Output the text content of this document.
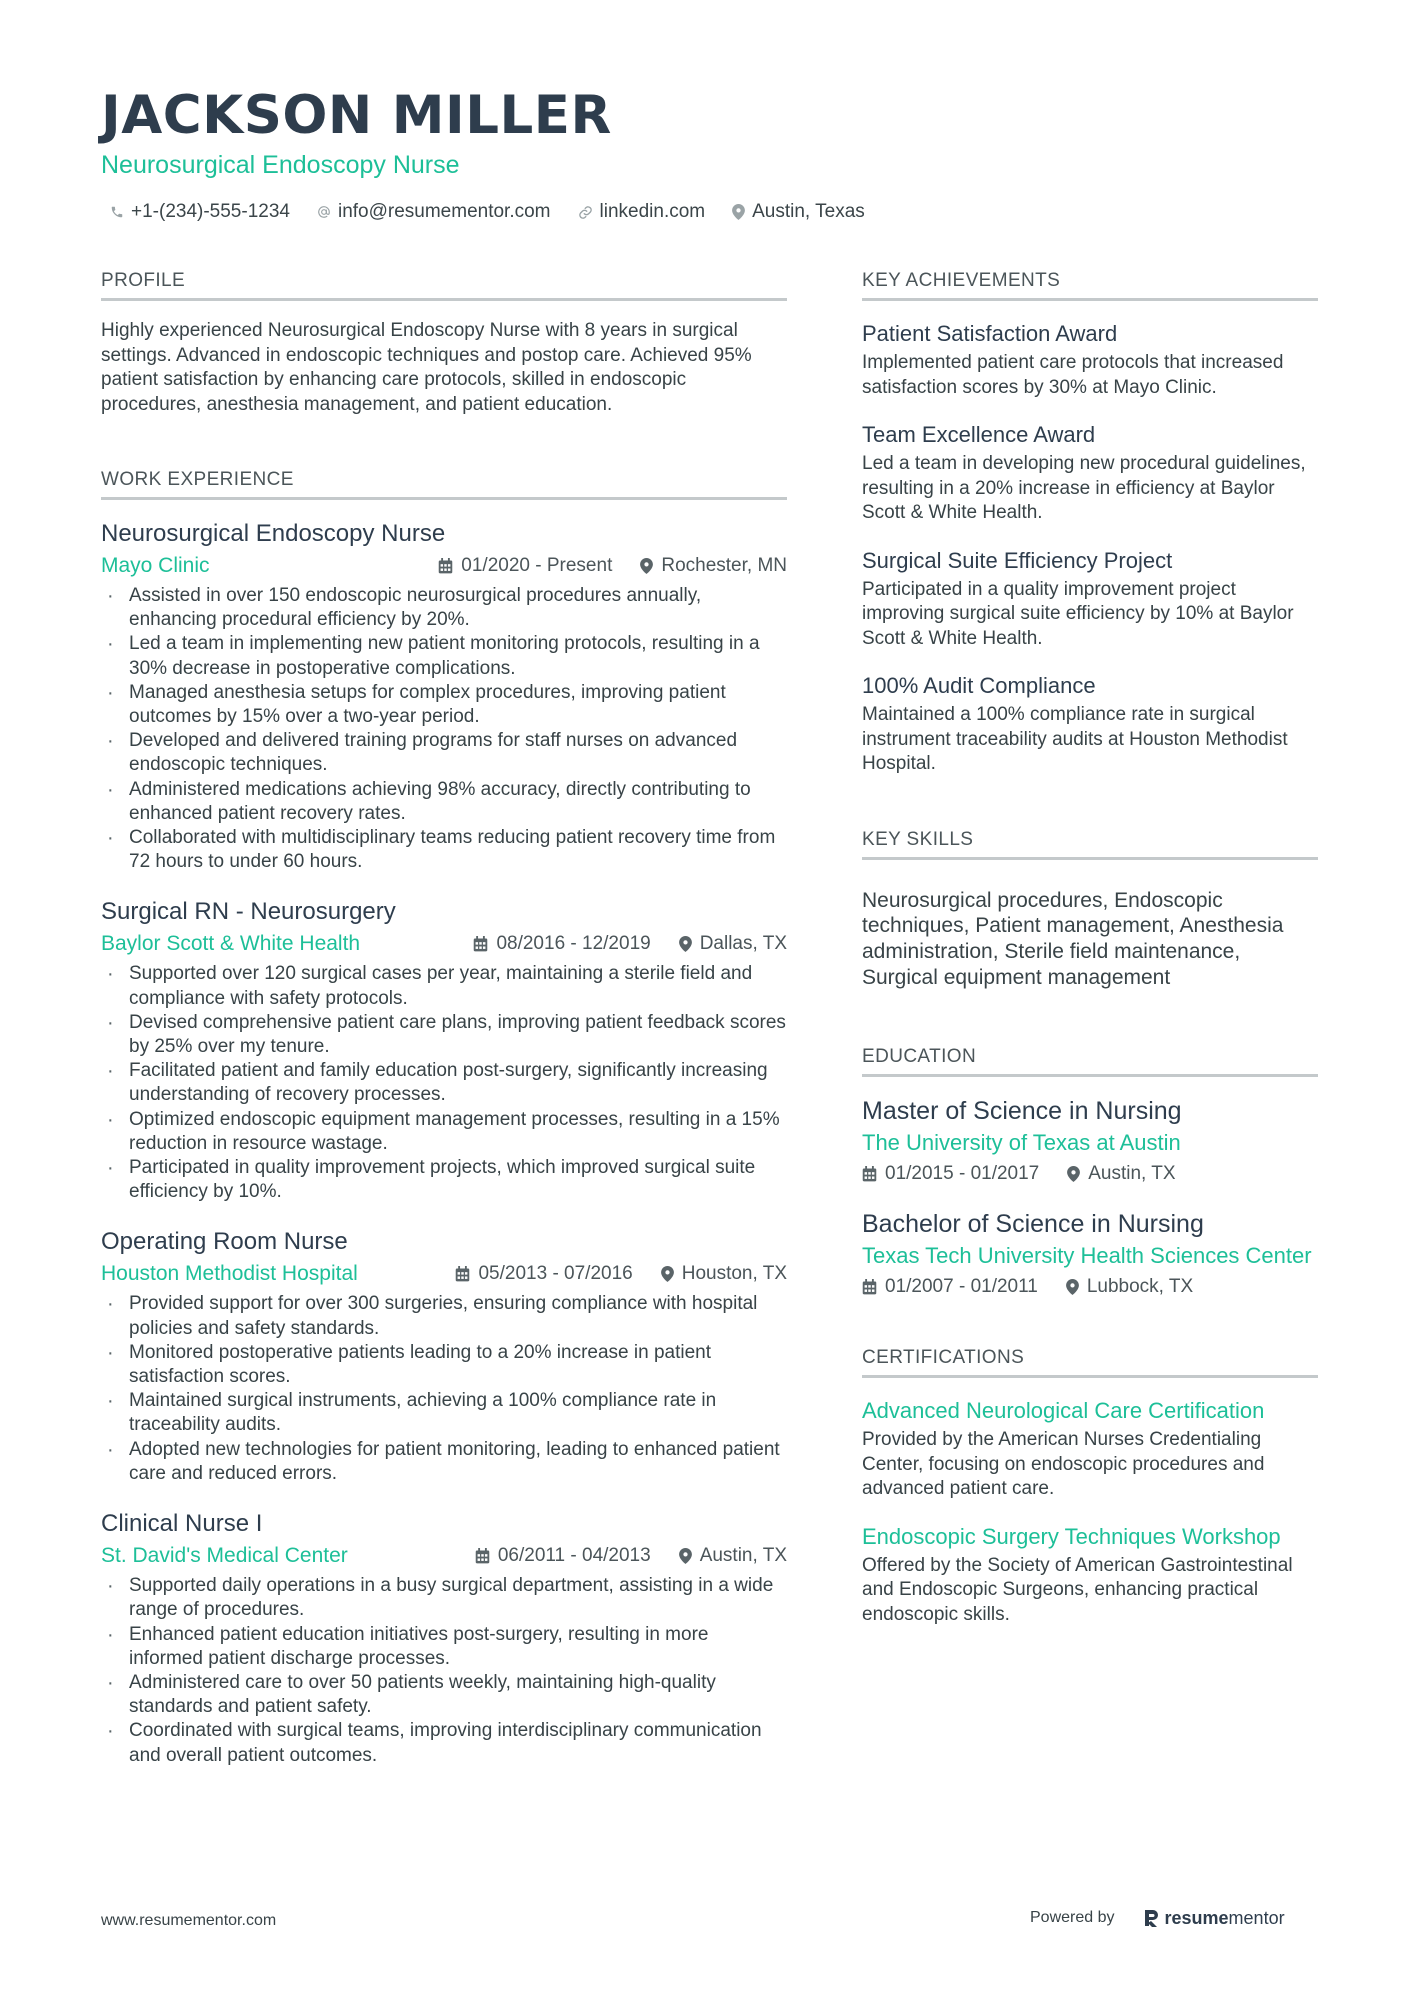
JACKSON MILLER
Neurosurgical Endoscopy Nurse
+1-(234)-555-1234	info@resumementor.com	linkedin.com Austin, Texas
PROFILE
Highly experienced Neurosurgical Endoscopy Nurse with 8 years in surgical settings. Advanced in endoscopic techniques and postop care. Achieved 95% patient satisfaction by enhancing care protocols, skilled in endoscopic procedures, anesthesia management, and patient education.
WORK EXPERIENCE
Neurosurgical Endoscopy Nurse
Mayo Clinic	01/2020 - Present	Rochester, MN
· Assisted in over 150 endoscopic neurosurgical procedures annually, enhancing procedural efficiency by 20%.
· Led a team in implementing new patient monitoring protocols, resulting in a 30% decrease in postoperative complications.
· Managed anesthesia setups for complex procedures, improving patient outcomes by 15% over a two-year period.
· Developed and delivered training programs for staff nurses on advanced endoscopic techniques.
· Administered medications achieving 98% accuracy, directly contributing to enhanced patient recovery rates.
· Collaborated with multidisciplinary teams reducing patient recovery time from 72 hours to under 60 hours.
Surgical RN - Neurosurgery
Baylor Scott & White Health	08/2016 - 12/2019	Dallas, TX
· Supported over 120 surgical cases per year, maintaining a sterile field and compliance with safety protocols.
· Devised comprehensive patient care plans, improving patient feedback scores by 25% over my tenure.
· Facilitated patient and family education post-surgery, significantly increasing understanding of recovery processes.
· Optimized endoscopic equipment management processes, resulting in a 15% reduction in resource wastage.
· Participated in quality improvement projects, which improved surgical suite efficiency by 10%.
Operating Room Nurse
Houston Methodist Hospital	05/2013 - 07/2016	Houston, TX
· Provided support for over 300 surgeries, ensuring compliance with hospital policies and safety standards.
· Monitored postoperative patients leading to a 20% increase in patient satisfaction scores.
· Maintained surgical instruments, achieving a 100% compliance rate in traceability audits.
· Adopted new technologies for patient monitoring, leading to enhanced patient care and reduced errors.
Clinical Nurse I
St. David's Medical Center	06/2011 - 04/2013	Austin, TX
· Supported daily operations in a busy surgical department, assisting in a wide range of procedures.
· Enhanced patient education initiatives post-surgery, resulting in more informed patient discharge processes.
· Administered care to over 50 patients weekly, maintaining high-quality standards and patient safety.
· Coordinated with surgical teams, improving interdisciplinary communication and overall patient outcomes.
KEY ACHIEVEMENTS
Patient Satisfaction Award
Implemented patient care protocols that increased satisfaction scores by 30% at Mayo Clinic.
Team Excellence Award
Led a team in developing new procedural guidelines, resulting in a 20% increase in efficiency at Baylor Scott & White Health.
Surgical Suite Efficiency Project
Participated in a quality improvement project improving surgical suite efficiency by 10% at Baylor Scott & White Health.
100% Audit Compliance
Maintained a 100% compliance rate in surgical instrument traceability audits at Houston Methodist Hospital.
KEY SKILLS
Neurosurgical procedures, Endoscopic techniques, Patient management, Anesthesia administration, Sterile field maintenance, Surgical equipment management
EDUCATION
Master of Science in Nursing
The University of Texas at Austin
01/2015 - 01/2017	Austin, TX
Bachelor of Science in Nursing
Texas Tech University Health Sciences Center
01/2007 - 01/2011	Lubbock, TX
CERTIFICATIONS
Advanced Neurological Care Certification
Provided by the American Nurses Credentialing Center, focusing on endoscopic procedures and advanced patient care.
Endoscopic Surgery Techniques Workshop
Offered by the Society of American Gastrointestinal and Endoscopic Surgeons, enhancing practical endoscopic skills.
www.resumementor.com	Powered by	resume mentor
